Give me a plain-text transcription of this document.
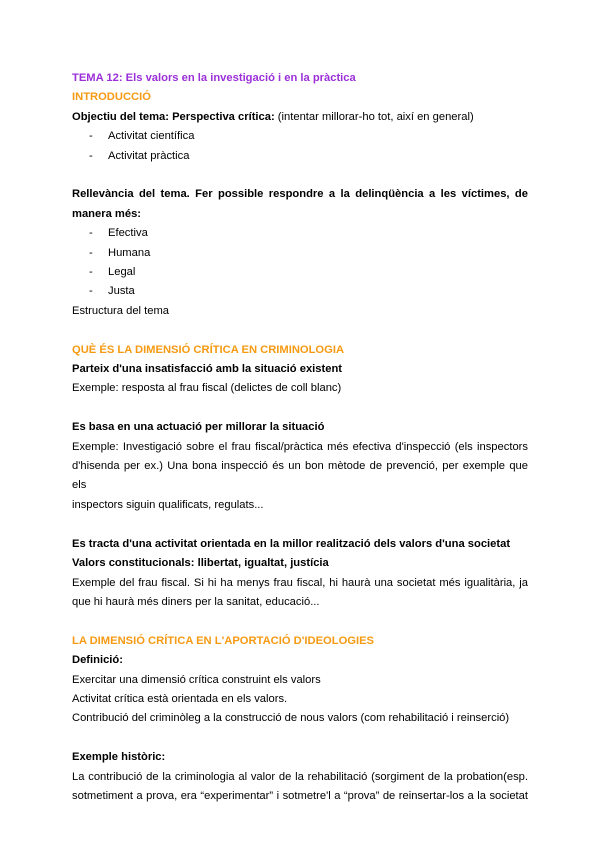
TEMA 12: Els valors en la investigació i en la pràctica
INTRODUCCIÓ
Objectiu del tema: Perspectiva crítica: (intentar millorar-ho tot, així en general)
- Activitat científica
- Activitat pràctica
Rellevància del tema. Fer possible respondre a la delinqüència a les víctimes, de
manera més:
- Efectiva
- Humana
- Legal
- Justa
Estructura del tema
QUÈ ÉS LA DIMENSIÓ CRÍTICA EN CRIMINOLOGIA
Parteix d'una insatisfacció amb la situació existent
Exemple: resposta al frau fiscal (delictes de coll blanc)
Es basa en una actuació per millorar la situació
Exemple: Investigació sobre el frau fiscal/pràctica més efectiva d'inspecció (els inspectors
d'hisenda per ex.) Una bona inspecció és un bon mètode de prevenció, per exemple que els
inspectors siguin qualificats, regulats...
Es tracta d'una activitat orientada en la millor realització dels valors d'una societat
Valors constitucionals: llibertat, igualtat, justícia
Exemple del frau fiscal. Si hi ha menys frau fiscal, hi haurà una societat més igualitària, ja
que hi haurà més diners per la sanitat, educació...
LA DIMENSIÓ CRÍTICA EN L'APORTACIÓ D'IDEOLOGIES
Definició:
Exercitar una dimensió crítica construint els valors
Activitat crítica està orientada en els valors.
Contribució del criminòleg a la construcció de nous valors (com rehabilitació i reinserció)
Exemple històric:
La contribució de la criminologia al valor de la rehabilitació (sorgiment de la probation(esp.
sotmetiment a prova, era “experimentar” i sotmetre'l a “prova” de reinsertar-los a la societat
